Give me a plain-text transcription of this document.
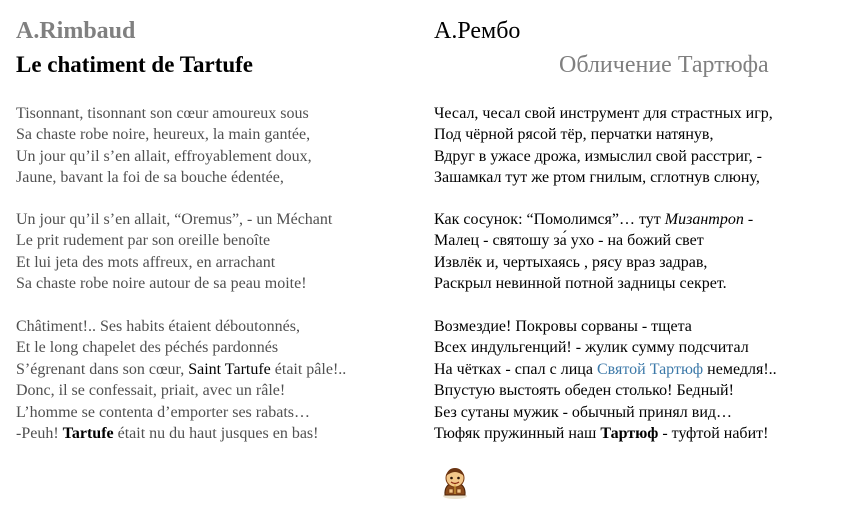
A.Rimbaud
Le chatiment de Tartufe
Tisonnant, tisonnant son cœur amoureux sous
Sa chaste robe noire, heureux, la main gantée,
Un jour qu’il s’en allait, effroyablement doux,
Jaune, bavant la foi de sa bouche édentée,
Un jour qu’il s’en allait, “Oremus”, - un Méchant
Le prit rudement par son oreille benoîte
Et lui jeta des mots affreux, en arrachant
Sa chaste robe noire autour de sa peau moite!
Châtiment!.. Ses habits étaient déboutonnés,
Et le long chapelet des péchés pardonnés
S’égrenant dans son cœur, Saint Tartufe était pâle!..
Donc, il se confessait, priait, avec un râle!
L’homme se contenta d’emporter ses rabats…
-Peuh! Tartufe était nu du haut jusques en bas!
А.Рембо
Обличение Тартюфа
Чесал, чесал свой инструмент для страстных игр,
Под чёрной рясой тёр, перчатки натянув,
Вдруг в ужасе дрожа, измыслил свой расстриг, -
Зашамкал тут же ртом гнилым, сглотнув слюну,
Как сосунок: “Помолимся”… тут Мизантроп -
Малец - святошу за́ ухо - на божий свет
Извлёк и, чертыхаясь , рясу враз задрав,
Раскрыл невинной потной задницы секрет.
Возмездие! Покровы сорваны - тщета
Всех индульгенций! - жулик сумму подсчитал
На чётках - спал с лица Святой Тартюф немедля!..
Впустую выстоять обеден столько! Бедный!
Без сутаны мужик - обычный принял вид…
Тюфяк пружинный наш Тартюф - туфтой набит!
